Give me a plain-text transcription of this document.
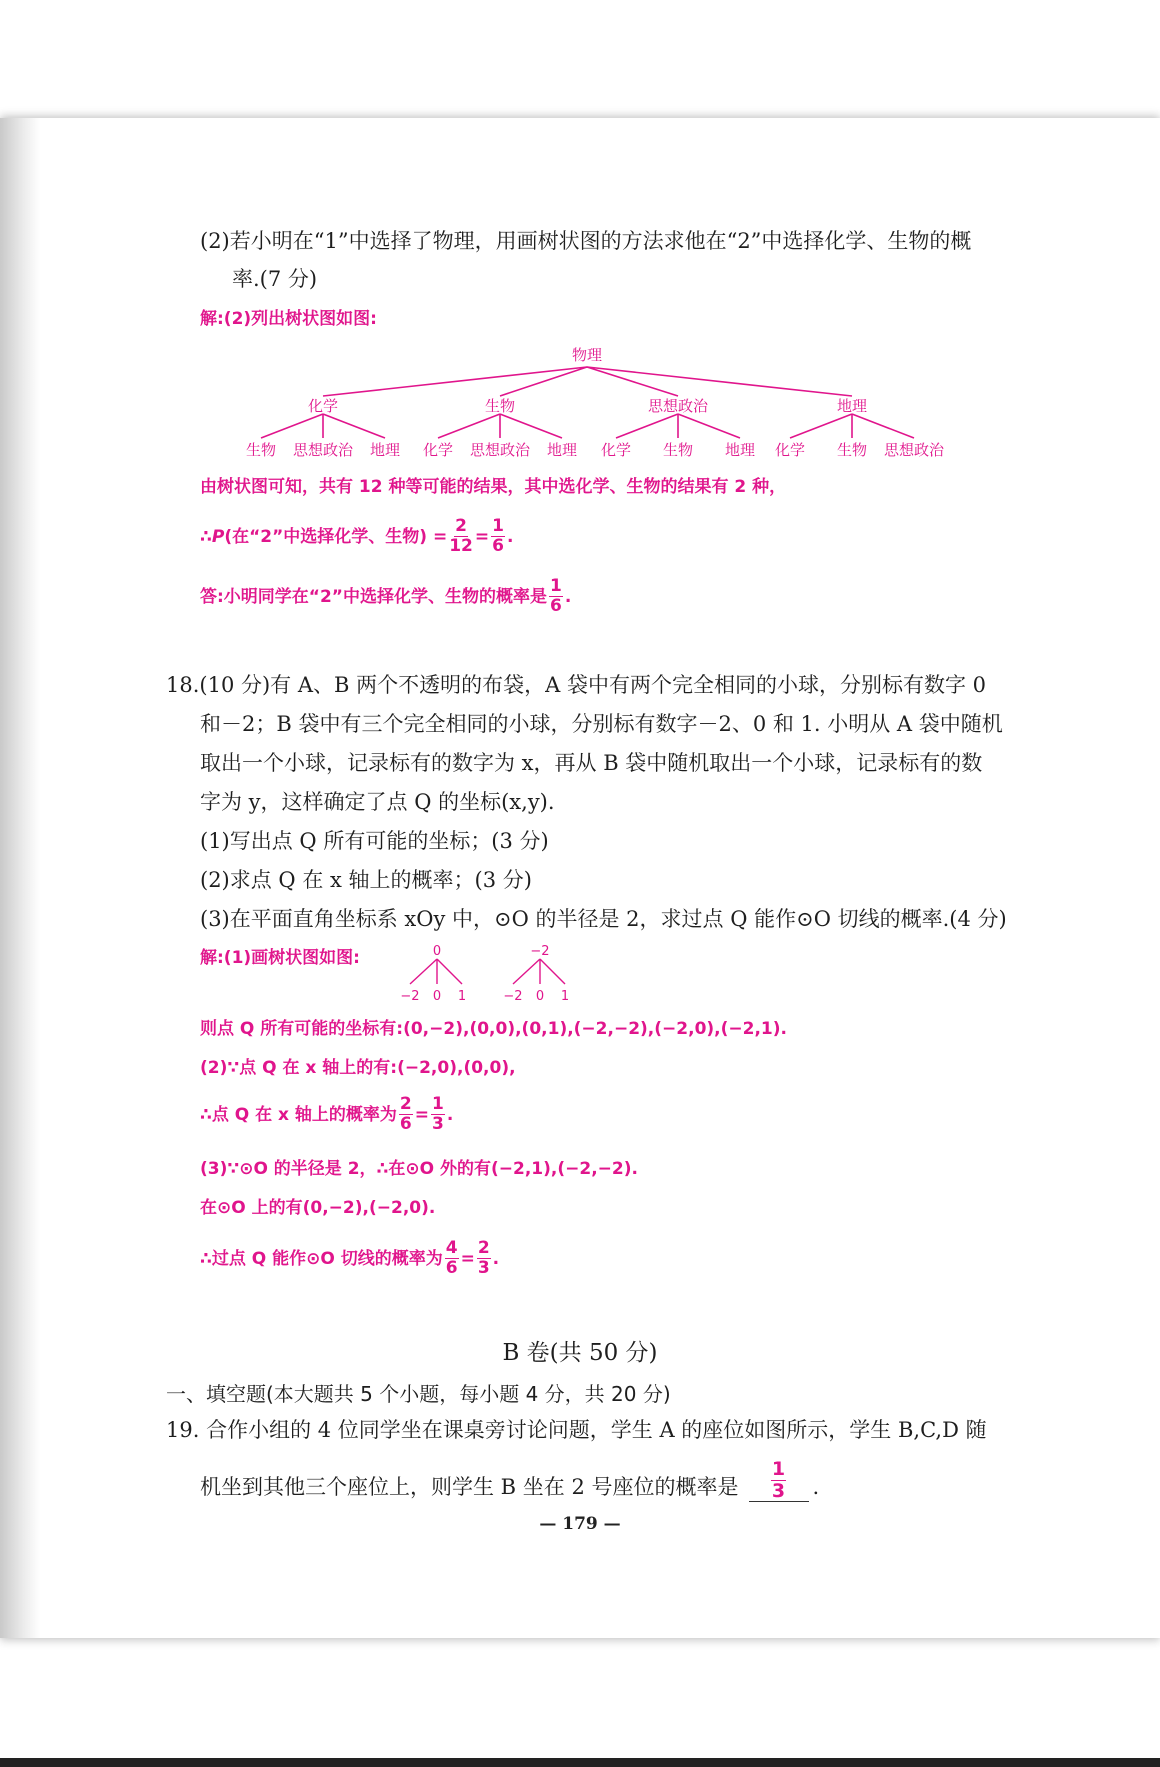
(2)若小明在“1”中选择了物理，用画树状图的方法求他在“2”中选择化学、生物的概
率.(7 分)
解:(2)列出树状图如图:
物理
化学	生物	思想政治	地理
生物 思想政治 地理 化学 思想政治 地理 化学 生物 地理 化学 生物 思想政治
由树状图可知，共有 12 种等可能的结果，其中选化学、生物的结果有 2 种，
∴ P (在“2”中选择化学、生物) = $\frac{2}{12} = \frac{1}{6}$ .
答:小明同学在“2”中选择化学、生物的概率是 $\frac{1}{6}$ .
18.(10 分)有 A、B 两个不透明的布袋，A 袋中有两个完全相同的小球，分别标有数字 0
和－2；B 袋中有三个完全相同的小球，分别标有数字－2、0 和 1. 小明从 A 袋中随机
取出一个小球，记录标有的数字为 x，再从 B 袋中随机取出一个小球，记录标有的数
字为 y，这样确定了点 Q 的坐标(x,y).
(1)写出点 Q 所有可能的坐标；(3 分)
(2)求点 Q 在 x 轴上的概率；(3 分)
(3)在平面直角坐标系 xOy 中，⊙O 的半径是 2，求过点 Q 能作⊙O 切线的概率.(4 分)
解:(1)画树状图如图:	0
−2 0 1
−2
−2 0 1
则点 Q 所有可能的坐标有:(0,−2),(0,0),(0,1),(−2,−2),(−2,0),(−2,1).
(2)∵点 Q 在 x 轴上的有:(−2,0),(0,0),
∴点 Q 在 x 轴上的概率为 $\frac{2}{6} = \frac{1}{3}$ .
(3)∵⊙O 的半径是 2，∴在⊙O 外的有(−2,1),(−2,−2).
在⊙O 上的有(0,−2),(−2,0).
∴过点 Q 能作⊙O 切线的概率为 $\frac{4}{6} = \frac{2}{3}$ .
B 卷(共 50 分)
一、填空题(本大题共 5 个小题，每小题 4 分，共 20 分)
19. 合作小组的 4 位同学坐在课桌旁讨论问题，学生 A 的座位如图所示，学生 B,C,D 随
机坐到其他三个座位上，则学生 B 坐在 2 号座位的概率是 $\frac{1}{3}$ .
— 179 —
